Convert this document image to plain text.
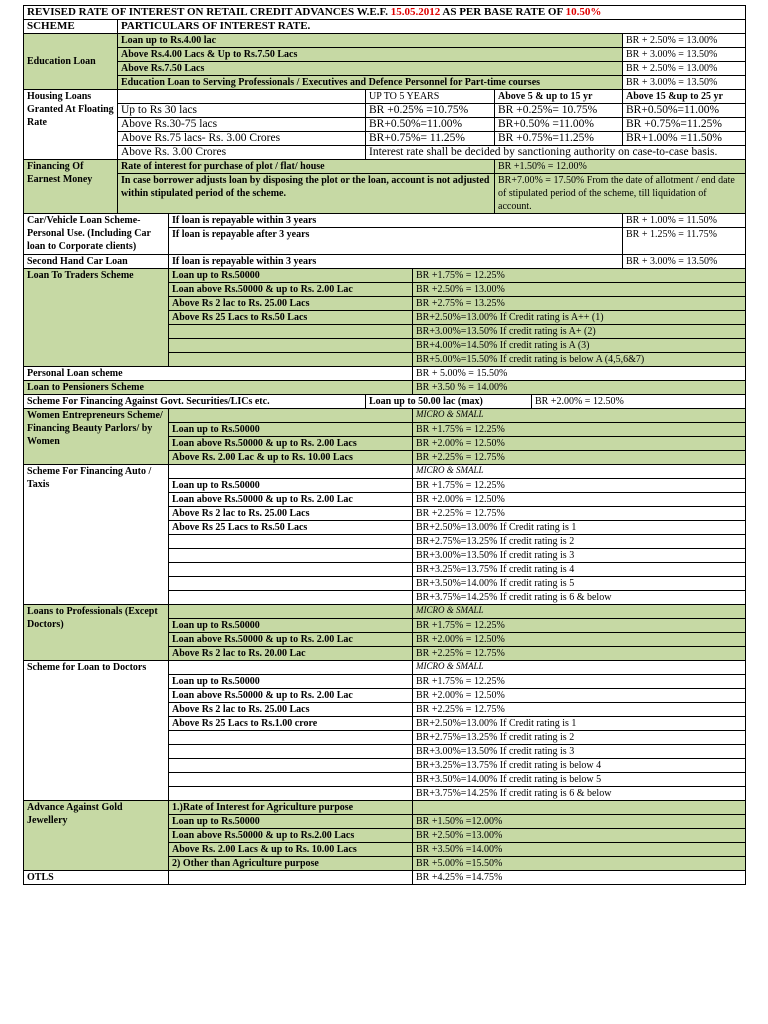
REVISED RATE OF INTEREST ON RETAIL CREDIT ADVANCES W.E.F. 15.05.2012 AS PER BASE RATE OF 10.50%							
SCHEME	PARTICULARS OF INTEREST RATE.						
Education Loan	Loan up to Rs.4.00 lac						BR + 2.50% = 13.00%
	Above Rs.4.00 Lacs & Up to Rs.7.50 Lacs						BR + 3.00% = 13.50%
	Above Rs.7.50 Lacs						BR + 2.50% = 13.00%
	Education Loan to Serving Professionals / Executives and Defence Personnel for Part-time courses						BR + 3.00% = 13.50%
Housing Loans Granted At Floating Rate			UP TO 5 YEARS		Above 5 & up to 15 yr		Above 15 &up to 25 yr
	Up to Rs 30 lacs		BR +0.25% =10.75%		BR +0.25%= 10.75%		BR+0.50%=11.00%
	Above Rs.30-75 lacs		BR+0.50%=11.00%		BR+0.50% =11.00%		BR +0.75%=11.25%
	Above Rs.75 lacs- Rs. 3.00 Crores		BR+0.75%= 11.25%		BR +0.75%=11.25%		BR+1.00% =11.50%
	Above Rs. 3.00 Crores		Interest rate shall be decided by sanctioning authority on case-to-case basis.				
Financing Of Earnest Money	Rate of interest for purchase of plot / flat/ house				BR +1.50% = 12.00%		
	In case borrower adjusts loan by disposing the plot or the loan, account is not adjusted within stipulated period of the scheme.				BR+7.00% = 17.50% From the date of allotment / end date of stipulated period of the scheme, till liquidation of account.		
Car/Vehicle Loan Scheme- Personal Use. (Including Car loan to Corporate clients)		If loan is repayable within 3 years					BR + 1.00% = 11.50%
		If loan is repayable after 3 years					BR + 1.25% = 11.75%
Second Hand Car Loan		If loan is repayable within 3 years					BR + 3.00% = 13.50%
Loan To Traders Scheme		Loan up to Rs.50000		BR +1.75% = 12.25%			
		Loan above Rs.50000 & up to Rs. 2.00 Lac		BR +2.50% = 13.00%			
		Above Rs 2 lac to Rs. 25.00 Lacs		BR +2.75% = 13.25%			
		Above Rs 25 Lacs to Rs.50 Lacs		BR+2.50%=13.00% If Credit rating is A++ (1)			
				BR+3.00%=13.50% If credit rating is A+ (2)			
				BR+4.00%=14.50% If credit rating is A (3)			
				BR+5.00%=15.50% If credit rating is below A (4,5,6&7)			
Personal Loan scheme				BR + 5.00% = 15.50%			
Loan to Pensioners Scheme				BR +3.50 % = 14.00%			
Scheme For Financing Against Govt. Securities/LICs etc.			Loan up to 50.00 lac (max)			BR +2.00% = 12.50%	
Women Entrepreneurs Scheme/ Financing Beauty Parlors/ by Women				MICRO & SMALL			
		Loan up to Rs.50000		BR +1.75% = 12.25%			
		Loan above Rs.50000 & up to Rs. 2.00 Lacs		BR +2.00% = 12.50%			
		Above Rs. 2.00 Lac & up to Rs. 10.00 Lacs		BR +2.25% = 12.75%			
Scheme For Financing Auto / Taxis				MICRO & SMALL			
		Loan up to Rs.50000		BR +1.75% = 12.25%			
		Loan above Rs.50000 & up to Rs. 2.00 Lac		BR +2.00% = 12.50%			
		Above Rs 2 lac to Rs. 25.00 Lacs		BR +2.25% = 12.75%			
		Above Rs 25 Lacs to Rs.50 Lacs		BR+2.50%=13.00% If Credit rating is 1			
				BR+2.75%=13.25% If credit rating is 2			
				BR+3.00%=13.50% If credit rating is 3			
				BR+3.25%=13.75% If credit rating is 4			
				BR+3.50%=14.00% If credit rating is 5			
				BR+3.75%=14.25% If credit rating is 6 & below			
Loans to Professionals (Except Doctors)				MICRO & SMALL			
		Loan up to Rs.50000		BR +1.75% = 12.25%			
		Loan above Rs.50000 & up to Rs. 2.00 Lac		BR +2.00% = 12.50%			
		Above Rs 2 lac to Rs. 20.00 Lac		BR +2.25% = 12.75%			
Scheme for Loan to Doctors				MICRO & SMALL			
		Loan up to Rs.50000		BR +1.75% = 12.25%			
		Loan above Rs.50000 & up to Rs. 2.00 Lac		BR +2.00% = 12.50%			
		Above Rs 2 lac to Rs. 25.00 Lacs		BR +2.25% = 12.75%			
		Above Rs 25 Lacs to Rs.1.00 crore		BR+2.50%=13.00% If Credit rating is 1			
				BR+2.75%=13.25% If credit rating is 2			
				BR+3.00%=13.50% If credit rating is 3			
				BR+3.25%=13.75% If credit rating is below 4			
				BR+3.50%=14.00% If credit rating is below 5			
				BR+3.75%=14.25% If credit rating is 6 & below			
Advance Against Gold Jewellery		1.)Rate of Interest for Agriculture purpose					
		Loan up to Rs.50000		BR +1.50% =12.00%			
		Loan above Rs.50000 & up to Rs.2.00 Lacs		BR +2.50% =13.00%			
		Above Rs. 2.00 Lacs & up to Rs. 10.00 Lacs		BR +3.50% =14.00%			
		2) Other than Agriculture purpose		BR +5.00% =15.50%			
OTLS				BR +4.25% =14.75%			
